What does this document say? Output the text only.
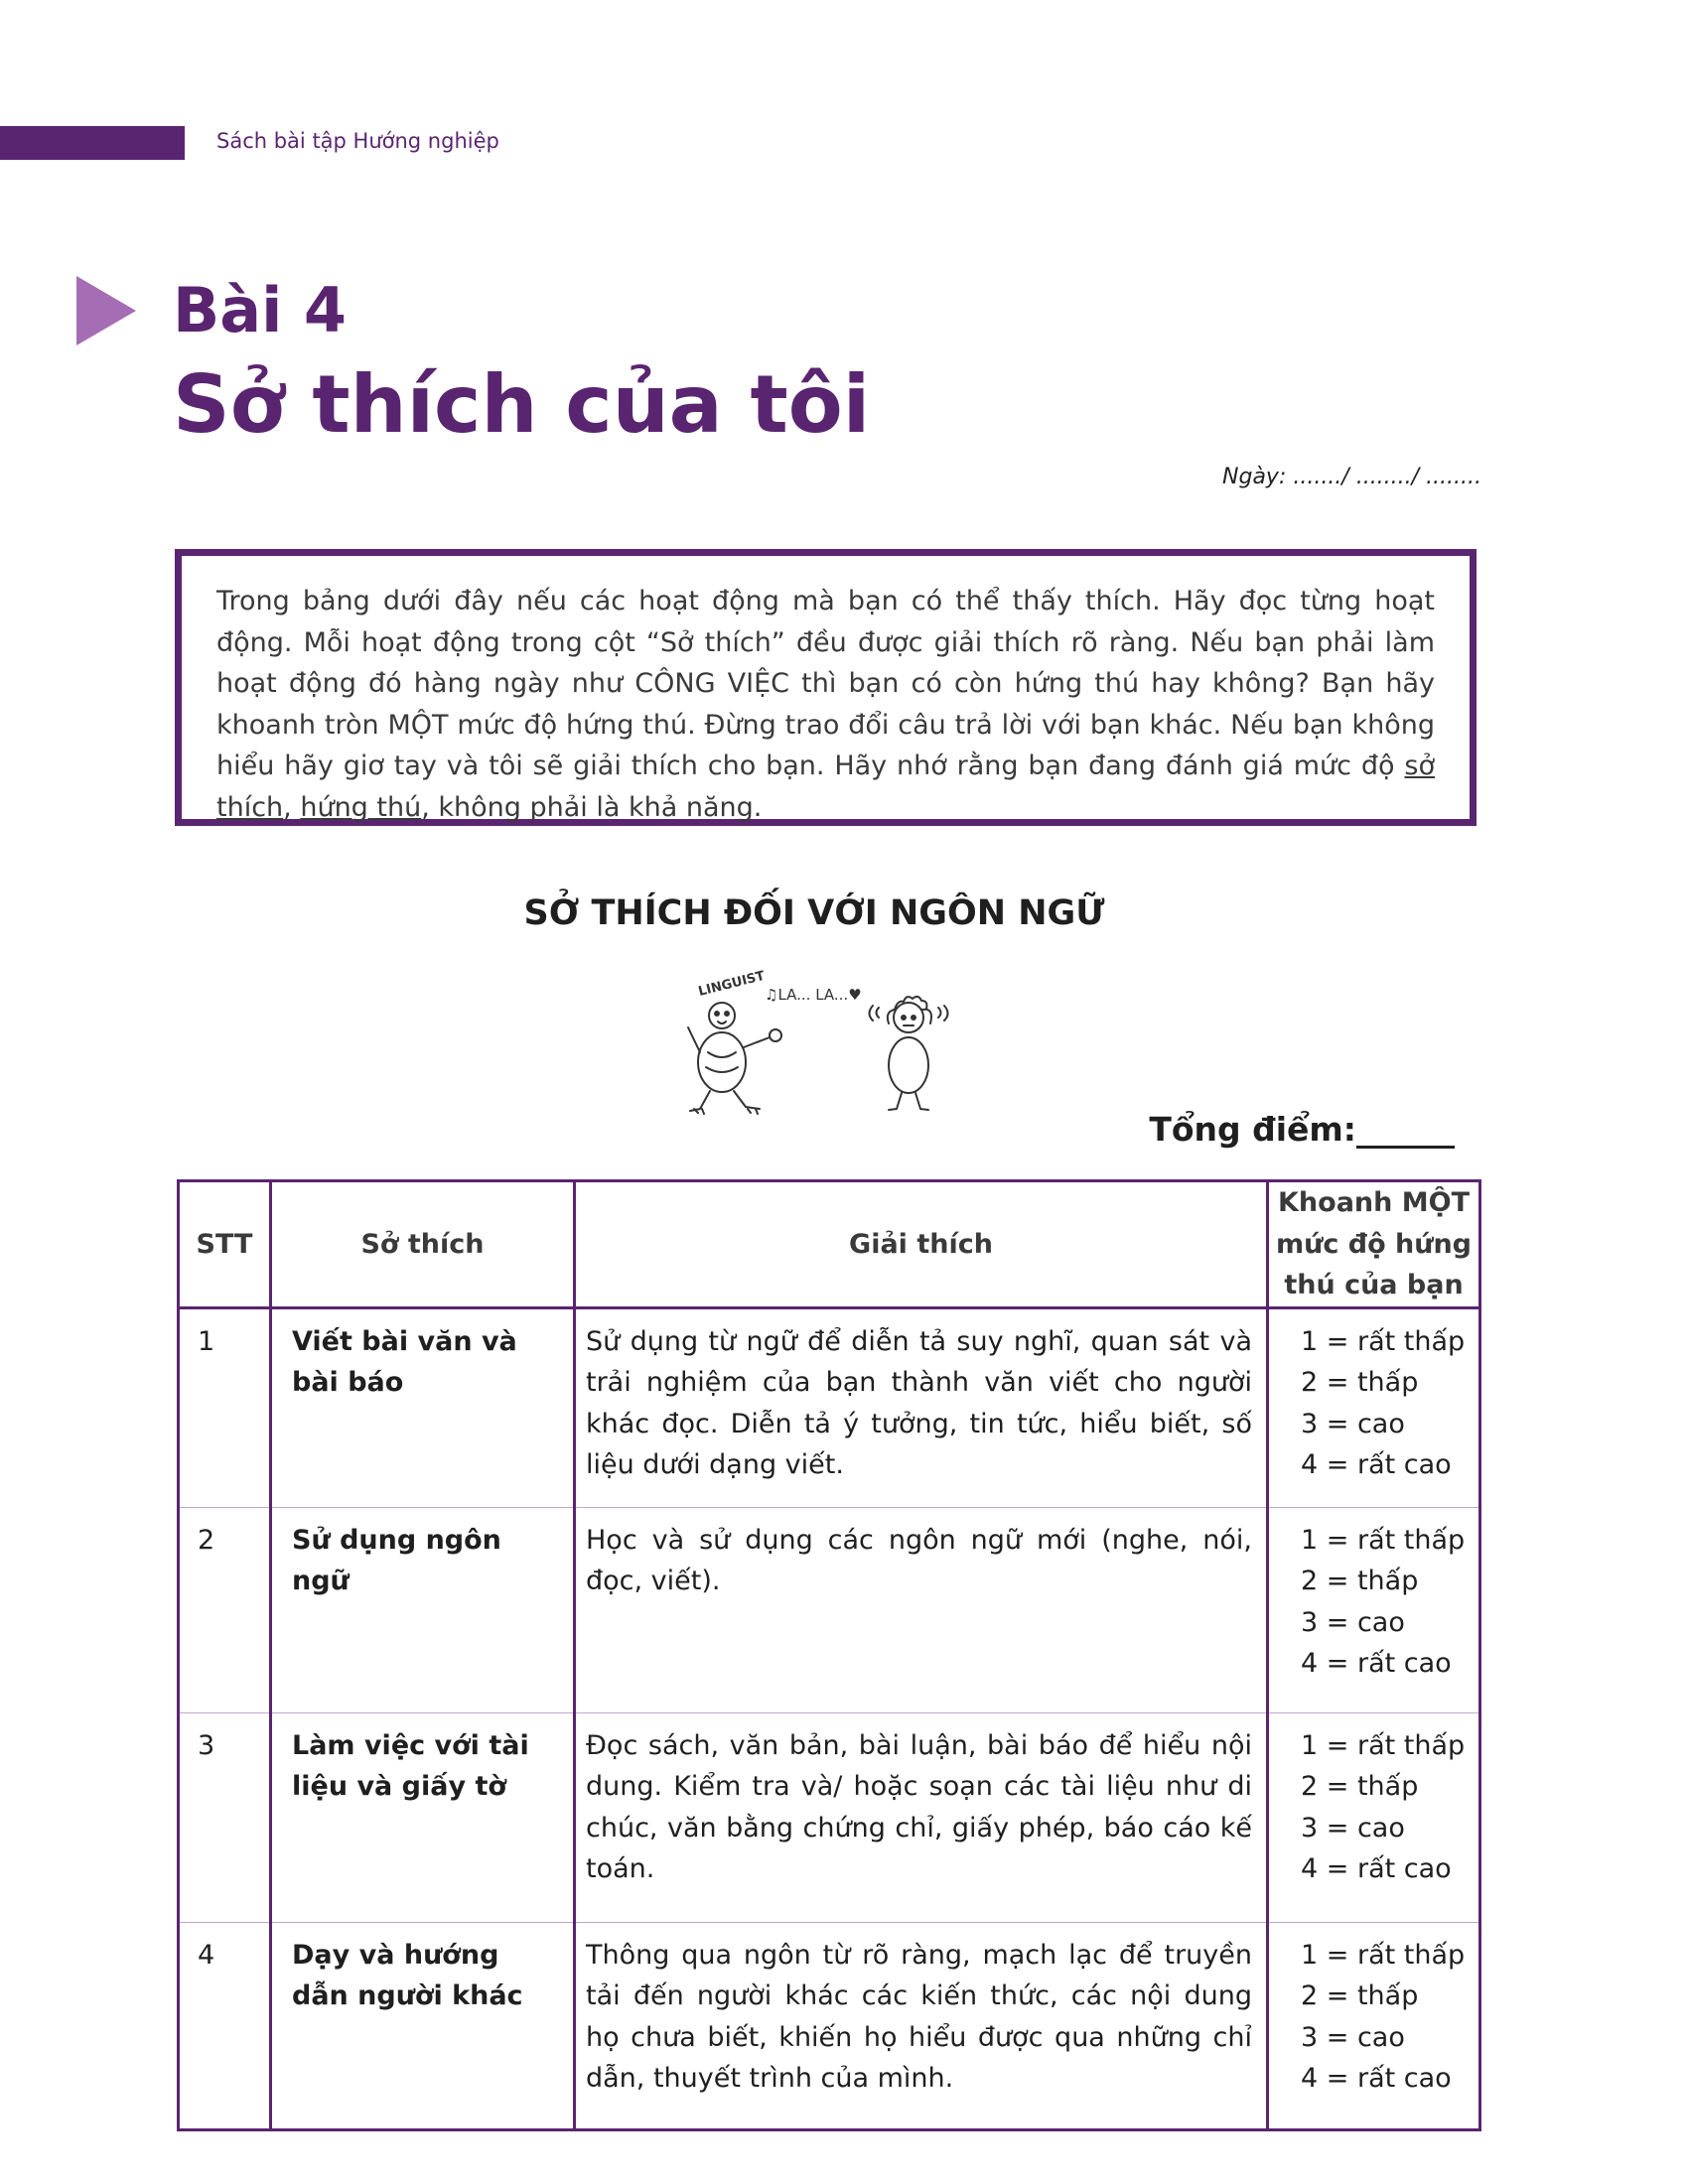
Sách bài tập Hướng nghiệp
Bài 4
Sở thích của tôi
Ngày: ......./ ......../ ........
Trong bảng dưới đây nếu các hoạt động mà bạn có thể thấy thích. Hãy đọc từng hoạt động. Mỗi hoạt động trong cột “Sở thích” đều được giải thích rõ ràng. Nếu bạn phải làm hoạt động đó hàng ngày như CÔNG VIỆC thì bạn có còn hứng thú hay không? Bạn hãy khoanh tròn MỘT mức độ hứng thú. Đừng trao đổi câu trả lời với bạn khác. Nếu bạn không hiểu hãy giơ tay và tôi sẽ giải thích cho bạn. Hãy nhớ rằng bạn đang đánh giá mức độ sở thích, hứng thú, không phải là khả năng.
SỞ THÍCH ĐỐI VỚI NGÔN NGỮ
LINGUIST
♫LA... LA...♥
Tổng điểm:______
STT	Sở thích	Giải thích	Khoanh MỘT mức độ hứng thú của bạn
1	Viết bài văn và bài báo	Sử dụng từ ngữ để diễn tả suy nghĩ, quan sát và trải nghiệm của bạn thành văn viết cho người khác đọc. Diễn tả ý tưởng, tin tức, hiểu biết, số liệu dưới dạng viết.	1 = rất thấp
2 = thấp
3 = cao
4 = rất cao

2	Sử dụng ngôn ngữ	Học và sử dụng các ngôn ngữ mới (nghe, nói, đọc, viết).	1 = rất thấp
2 = thấp
3 = cao
4 = rất cao

3	Làm việc với tài liệu và giấy tờ	Đọc sách, văn bản, bài luận, bài báo để hiểu nội dung. Kiểm tra và/ hoặc soạn các tài liệu như di chúc, văn bằng chứng chỉ, giấy phép, báo cáo kế toán.	1 = rất thấp
2 = thấp
3 = cao
4 = rất cao

4	Dạy và hướng dẫn người khác	Thông qua ngôn từ rõ ràng, mạch lạc để truyền tải đến người khác các kiến thức, các nội dung họ chưa biết, khiến họ hiểu được qua những chỉ dẫn, thuyết trình của mình.	1 = rất thấp
2 = thấp
3 = cao
4 = rất cao
